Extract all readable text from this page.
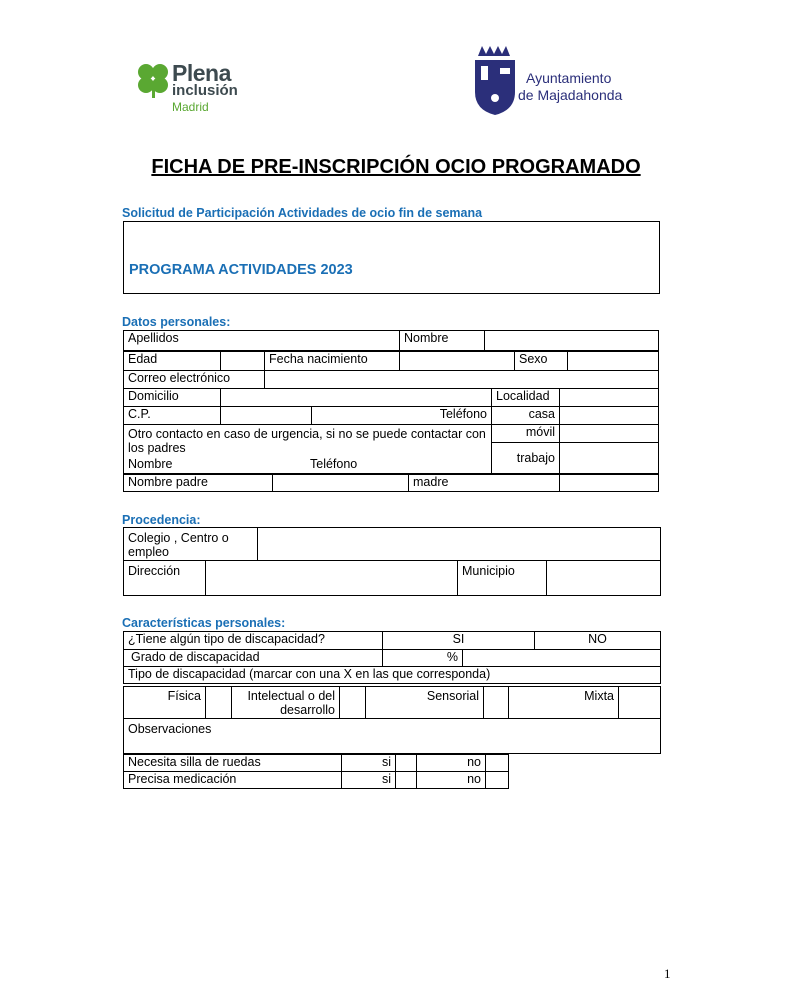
Plena
inclusión
Madrid
Ayuntamiento
de Majadahonda
FICHA DE PRE-INSCRIPCIÓN OCIO PROGRAMADO
Solicitud de Participación Actividades de ocio fin de semana
PROGRAMA ACTIVIDADES 2023
Datos personales:
Apellidos	Nombre	
Edad		Fecha nacimiento		Sexo	
Correo electrónico	
Domicilio		Localidad	
C.P.		Teléfono	casa	

Otro contacto en caso de urgencia, si no se puede contactar con los padres
Nombre Teléfono			móvil	
			trabajo	
Nombre padre		madre	
Procedencia:
Colegio , Centro o empleo				
Dirección			Municipio	
Características personales:
¿Tiene algún tipo de discapacidad?	SI		NO
Grado de discapacidad	%		
Tipo de discapacidad (marcar con una X en las que corresponda)			
Física		Intelectual o del desarrollo		Sensorial		Mixta	
Observaciones
Necesita silla de ruedas	si		no	
Precisa medicación	si		no	
1
